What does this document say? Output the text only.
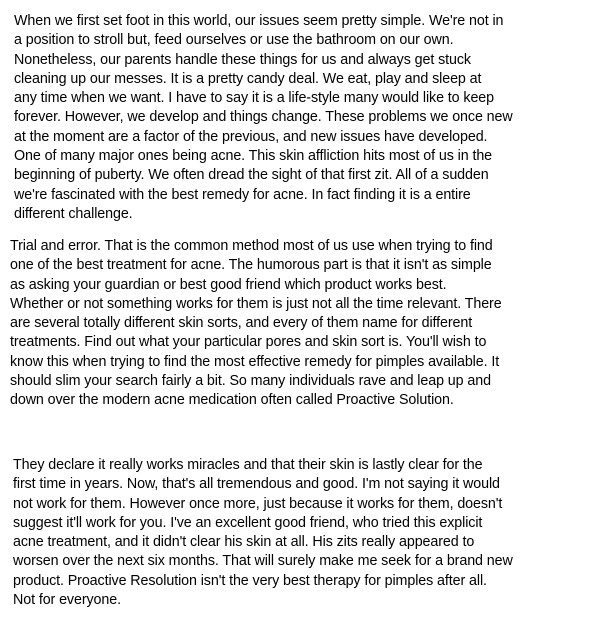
When we first set foot in this world, our issues seem pretty simple. We're not in
a position to stroll but, feed ourselves or use the bathroom on our own.
Nonetheless, our parents handle these things for us and always get stuck
cleaning up our messes. It is a pretty candy deal. We eat, play and sleep at
any time when we want. I have to say it is a life-style many would like to keep
forever. However, we develop and things change. These problems we once new
at the moment are a factor of the previous, and new issues have developed.
One of many major ones being acne. This skin affliction hits most of us in the
beginning of puberty. We often dread the sight of that first zit. All of a sudden
we're fascinated with the best remedy for acne. In fact finding it is a entire
different challenge.

Trial and error. That is the common method most of us use when trying to find
one of the best treatment for acne. The humorous part is that it isn't as simple
as asking your guardian or best good friend which product works best.
Whether or not something works for them is just not all the time relevant. There
are several totally different skin sorts, and every of them name for different
treatments. Find out what your particular pores and skin sort is. You'll wish to
know this when trying to find the most effective remedy for pimples available. It
should slim your search fairly a bit. So many individuals rave and leap up and
down over the modern acne medication often called Proactive Solution.

They declare it really works miracles and that their skin is lastly clear for the
first time in years. Now, that's all tremendous and good. I'm not saying it would
not work for them. However once more, just because it works for them, doesn't
suggest it'll work for you. I've an excellent good friend, who tried this explicit
acne treatment, and it didn't clear his skin at all. His zits really appeared to
worsen over the next six months. That will surely make me seek for a brand new
product. Proactive Resolution isn't the very best therapy for pimples after all.
Not for everyone.
